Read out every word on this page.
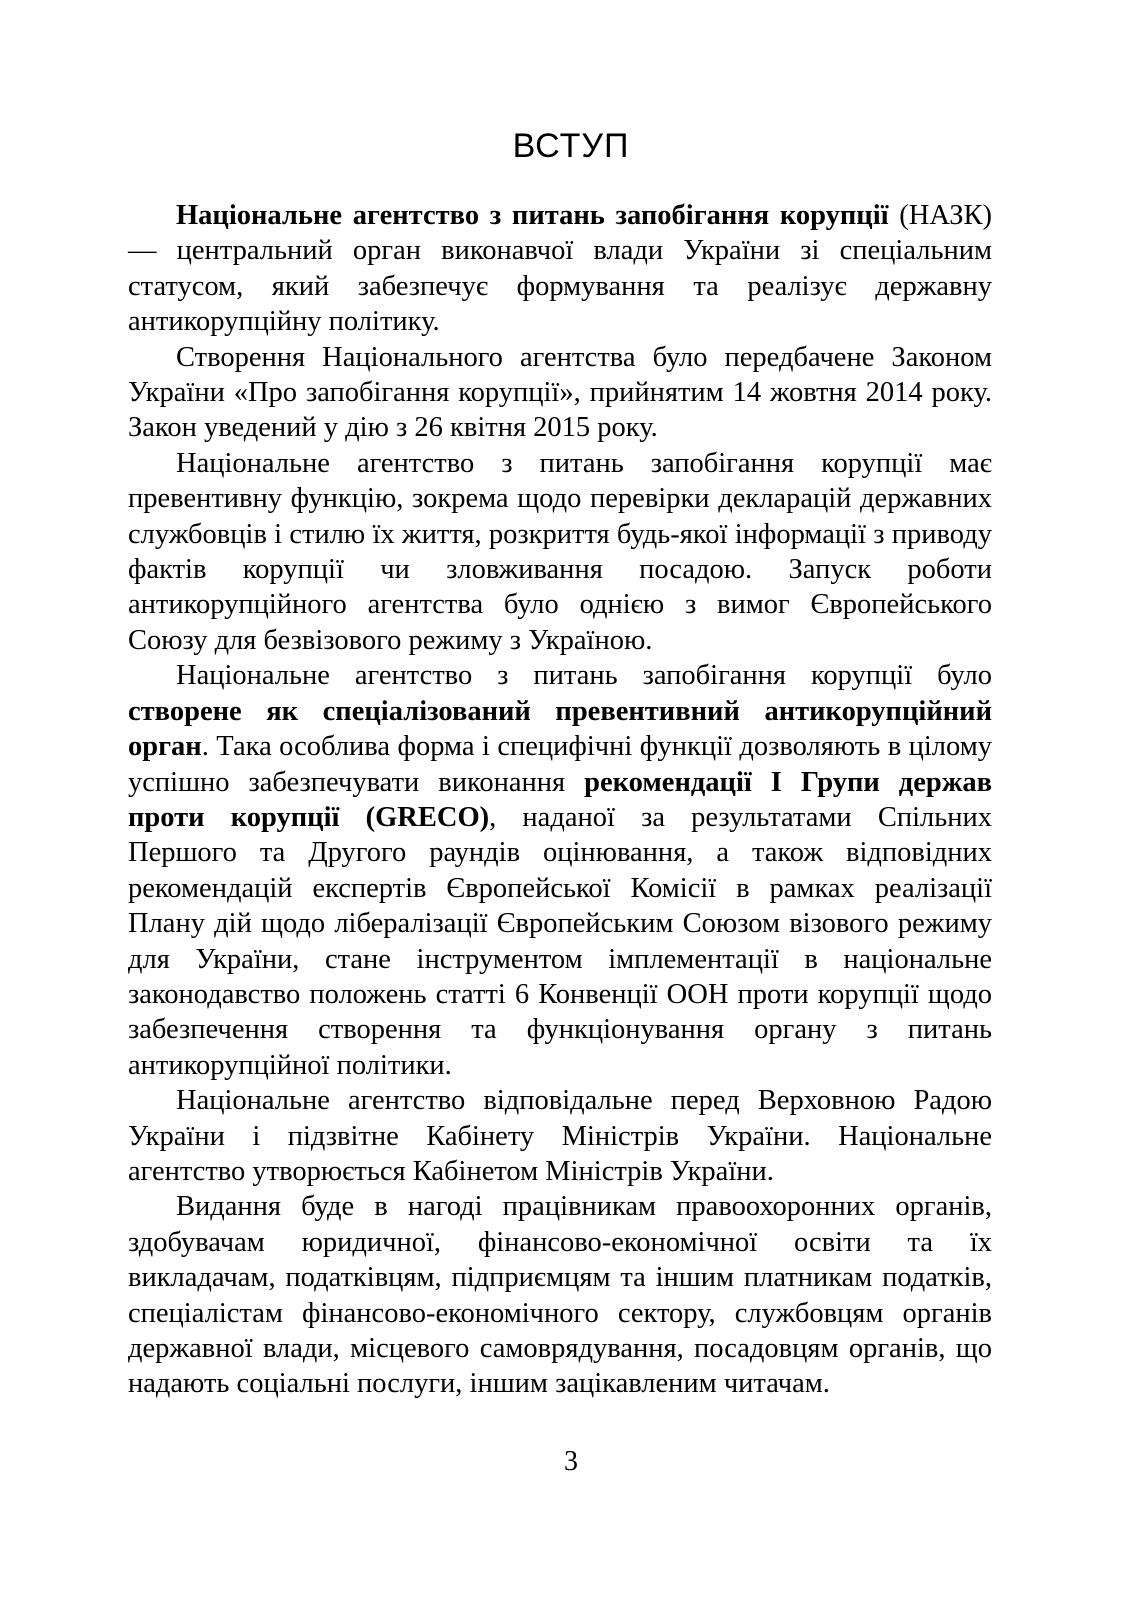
ВСТУП

Національне агентство з питань запобігання корупції (НАЗК) — центральний орган виконавчої влади України зі спеціальним статусом, який забезпечує формування та реалізує державну антикорупційну політику.

Створення Національного агентства було передбачене Законом України «Про запобігання корупції», прийнятим 14 жовтня 2014 року. Закон уведений у дію з 26 квітня 2015 року.

Національне агентство з питань запобігання корупції має превентивну функцію, зокрема щодо перевірки декларацій державних службовців і стилю їх життя, розкриття будь-якої інформації з приводу фактів корупції чи зловживання посадою. Запуск роботи антикорупційного агентства було однією з вимог Європейського Союзу для безвізового режиму з Україною.

Національне агентство з питань запобігання корупції було створене як спеціалізований превентивний антикорупційний орган. Така особлива форма і специфічні функції дозволяють в цілому успішно забезпечувати виконання рекомендації І Групи держав проти корупції (GRECO), наданої за результатами Спільних Першого та Другого раундів оцінювання, а також відповідних рекомендацій експертів Європейської Комісії в рамках реалізації Плану дій щодо лібералізації Європейським Союзом візового режиму для України, стане інструментом імплементації в національне законодавство положень статті 6 Конвенції ООН проти корупції щодо забезпечення створення та функціонування органу з питань антикорупційної політики.

Національне агентство відповідальне перед Верховною Радою України і підзвітне Кабінету Міністрів України. Національне агентство утворюється Кабінетом Міністрів України.

Видання буде в нагоді працівникам правоохоронних органів, здобувачам юридичної, фінансово-економічної освіти та їх викладачам, податківцям, підприємцям та іншим платникам податків, спеціалістам фінансово-економічного сектору, службовцям органів державної влади, місцевого самоврядування, посадовцям органів, що надають соціальні послуги, іншим зацікавленим читачам.

3
